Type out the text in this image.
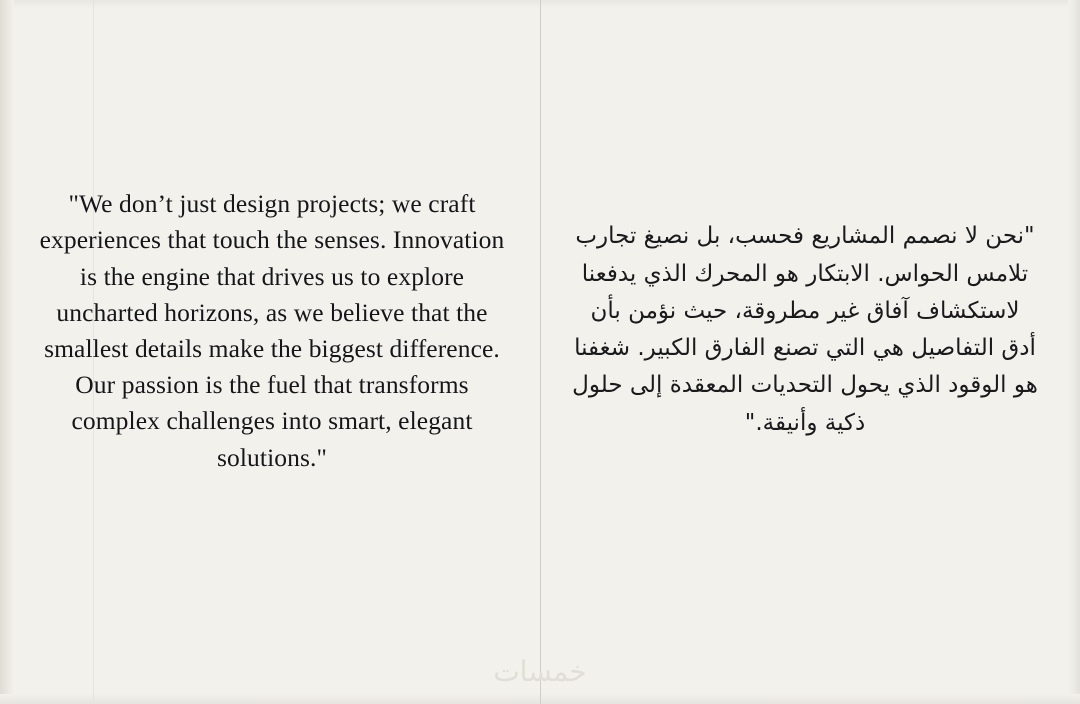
"We don’t just design projects; we craft experiences that touch the senses. Innovation is the engine that drives us to explore uncharted horizons, as we believe that the smallest details make the biggest difference. Our passion is the fuel that transforms complex challenges into smart, elegant solutions."

"نحن لا نصمم المشاريع فحسب، بل نصيغ تجارب تلامس الحواس. الابتكار هو المحرك الذي يدفعنا لاستكشاف آفاق غير مطروقة، حيث نؤمن بأن أدق التفاصيل هي التي تصنع الفارق الكبير. شغفنا هو الوقود الذي يحول التحديات المعقدة إلى حلول ذكية وأنيقة."

خمسات
